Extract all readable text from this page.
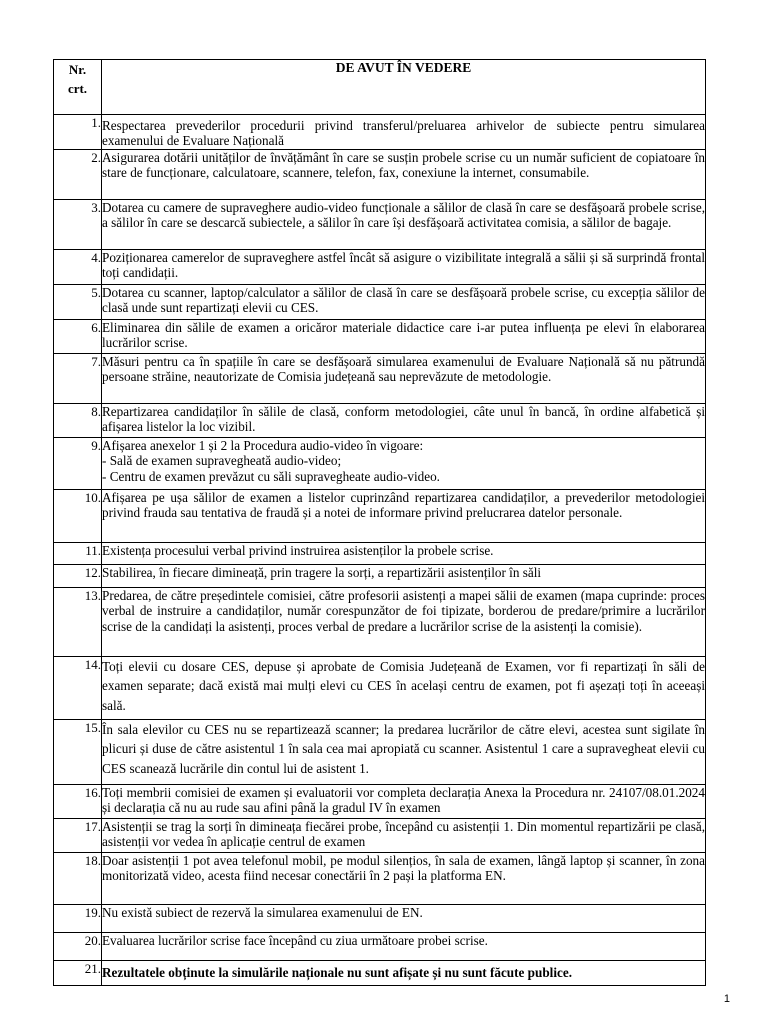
Nr.
crt.	DE AVUT ÎN VEDERE
1.	Respectarea prevederilor procedurii privind transferul/preluarea arhivelor de subiecte pentru simularea examenului de Evaluare Națională
2.	Asigurarea dotării unităților de învățământ în care se susțin probele scrise cu un număr suficient de copiatoare în stare de funcționare, calculatoare, scannere, telefon, fax, conexiune la internet, consumabile.
3.	Dotarea cu camere de supraveghere audio-video funcționale a sălilor de clasă în care se desfășoară probele scrise, a sălilor în care se descarcă subiectele, a sălilor în care își desfășoară activitatea comisia, a sălilor de bagaje.
4.	Poziționarea camerelor de supraveghere astfel încât să asigure o vizibilitate integrală a sălii și să surprindă frontal toți candidații.
5.	Dotarea cu scanner, laptop/calculator a sălilor de clasă în care se desfășoară probele scrise, cu excepția sălilor de clasă unde sunt repartizați elevii cu CES.
6.	Eliminarea din sălile de examen a oricăror materiale didactice care i-ar putea influența pe elevi în elaborarea lucrărilor scrise.
7.	Măsuri pentru ca în spațiile în care se desfășoară simularea examenului de Evaluare Națională să nu pătrundă persoane străine, neautorizate de Comisia județeană sau neprevăzute de metodologie.
8.	Repartizarea candidaților în sălile de clasă, conform metodologiei, câte unul în bancă, în ordine alfabetică și afișarea listelor la loc vizibil.
9.	Afișarea anexelor 1 și 2 la Procedura audio-video în vigoare:
- Sală de examen supravegheată audio-video;
- Centru de examen prevăzut cu săli supravegheate audio-video.

10.	Afișarea pe ușa sălilor de examen a listelor cuprinzând repartizarea candidaților, a prevederilor metodologiei privind frauda sau tentativa de fraudă și a notei de informare privind prelucrarea datelor personale.
11.	Existența procesului verbal privind instruirea asistenților la probele scrise.
12.	Stabilirea, în fiecare dimineață, prin tragere la sorți, a repartizării asistenților în săli
13.	Predarea, de către președintele comisiei, către profesorii asistenți a mapei sălii de examen (mapa cuprinde: proces verbal de instruire a candidaților, număr corespunzător de foi tipizate, borderou de predare/primire a lucrărilor scrise de la candidați la asistenți, proces verbal de predare a lucrărilor scrise de la asistenți la comisie).
14.	Toți elevii cu dosare CES, depuse și aprobate de Comisia Județeană de Examen, vor fi repartizați în săli de examen separate; dacă există mai mulți elevi cu CES în același centru de examen, pot fi așezați toți în aceeași sală.
15.	În sala elevilor cu CES nu se repartizează scanner; la predarea lucrărilor de către elevi, acestea sunt sigilate în plicuri și duse de către asistentul 1 în sala cea mai apropiată cu scanner. Asistentul 1 care a supravegheat elevii cu CES scanează lucrările din contul lui de asistent 1.
16.	Toți membrii comisiei de examen și evaluatorii vor completa declarația Anexa la Procedura nr. 24107/08.01.2024 și declarația că nu au rude sau afini până la gradul IV în examen
17.	Asistenții se trag la sorți în dimineața fiecărei probe, începând cu asistenții 1. Din momentul repartizării pe clasă, asistenții vor vedea în aplicație centrul de examen
18.	Doar asistenții 1 pot avea telefonul mobil, pe modul silențios, în sala de examen, lângă laptop și scanner, în zona monitorizată video, acesta fiind necesar conectării în 2 pași la platforma EN.
19.	Nu există subiect de rezervă la simularea examenului de EN.
20.	Evaluarea lucrărilor scrise face începând cu ziua următoare probei scrise.
21.	Rezultatele obținute la simulările naționale nu sunt afișate și nu sunt făcute publice.
1
